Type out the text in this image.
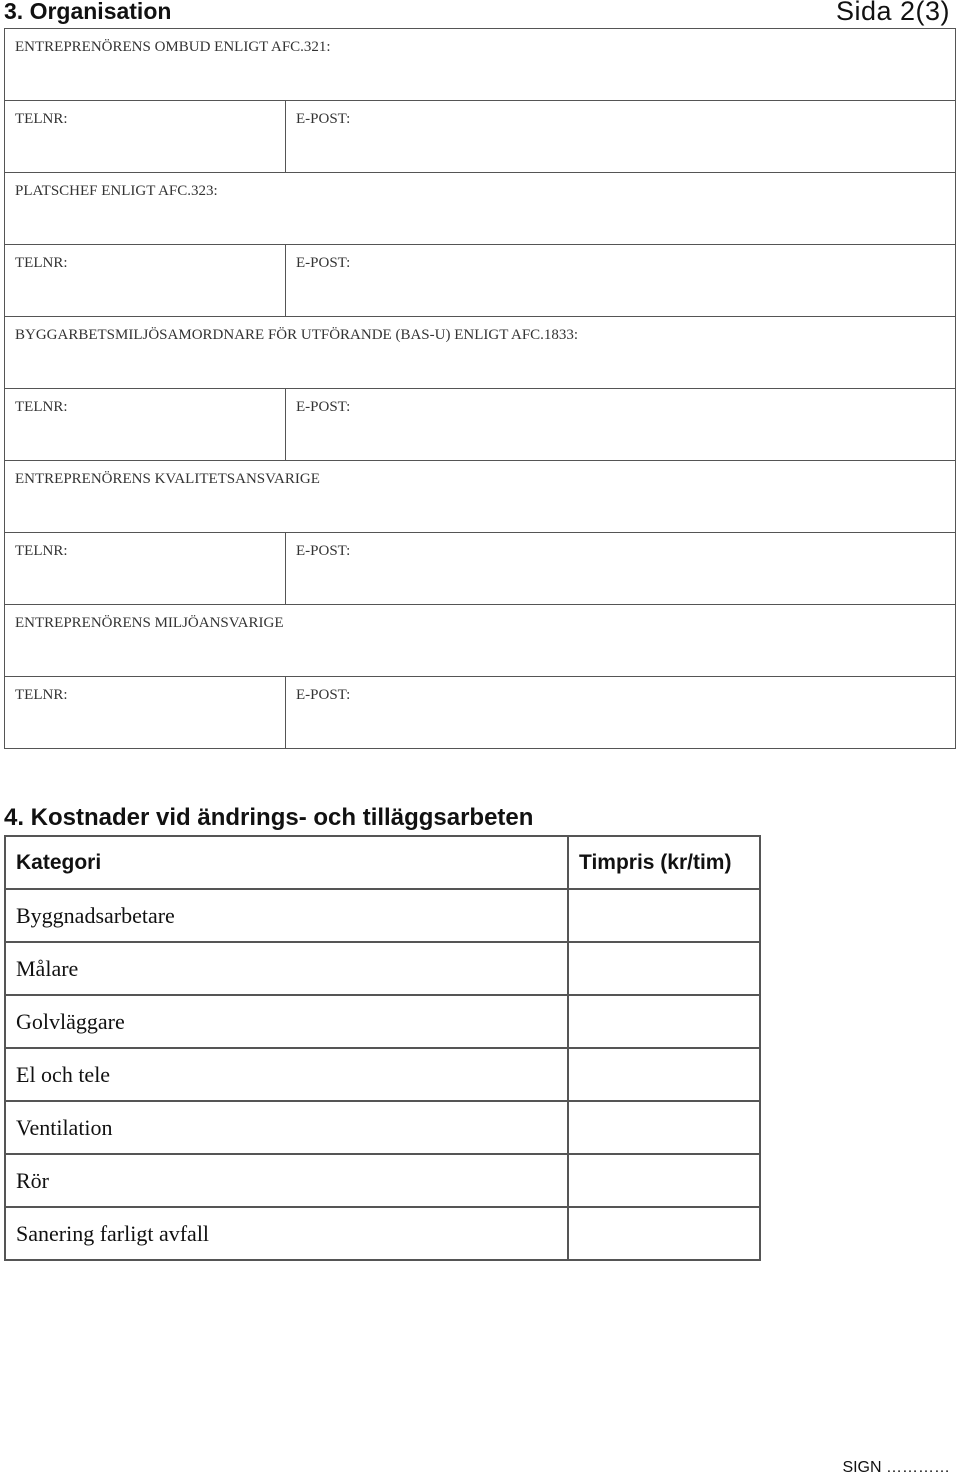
3. Organisation	Sida 2(3)
ENTREPRENÖRENS OMBUD ENLIGT AFC.321:	

TELNR:	E-POST:

PLATSCHEF ENLIGT AFC.323:	

TELNR:	E-POST:

BYGGARBETSMILJÖSAMORDNARE FÖR UTFÖRANDE (BAS-U) ENLIGT AFC.1833:	

TELNR:	E-POST:

ENTREPRENÖRENS KVALITETSANSVARIGE	

TELNR:	E-POST:

ENTREPRENÖRENS MILJÖANSVARIGE	

TELNR:	E-POST:
4. Kostnader vid ändrings- och tilläggsarbeten
Kategori	Timpris (kr/tim)
Byggnadsarbetare	
Målare	
Golvläggare	
El och tele	
Ventilation	
Rör	
Sanering farligt avfall	
SIGN …………
